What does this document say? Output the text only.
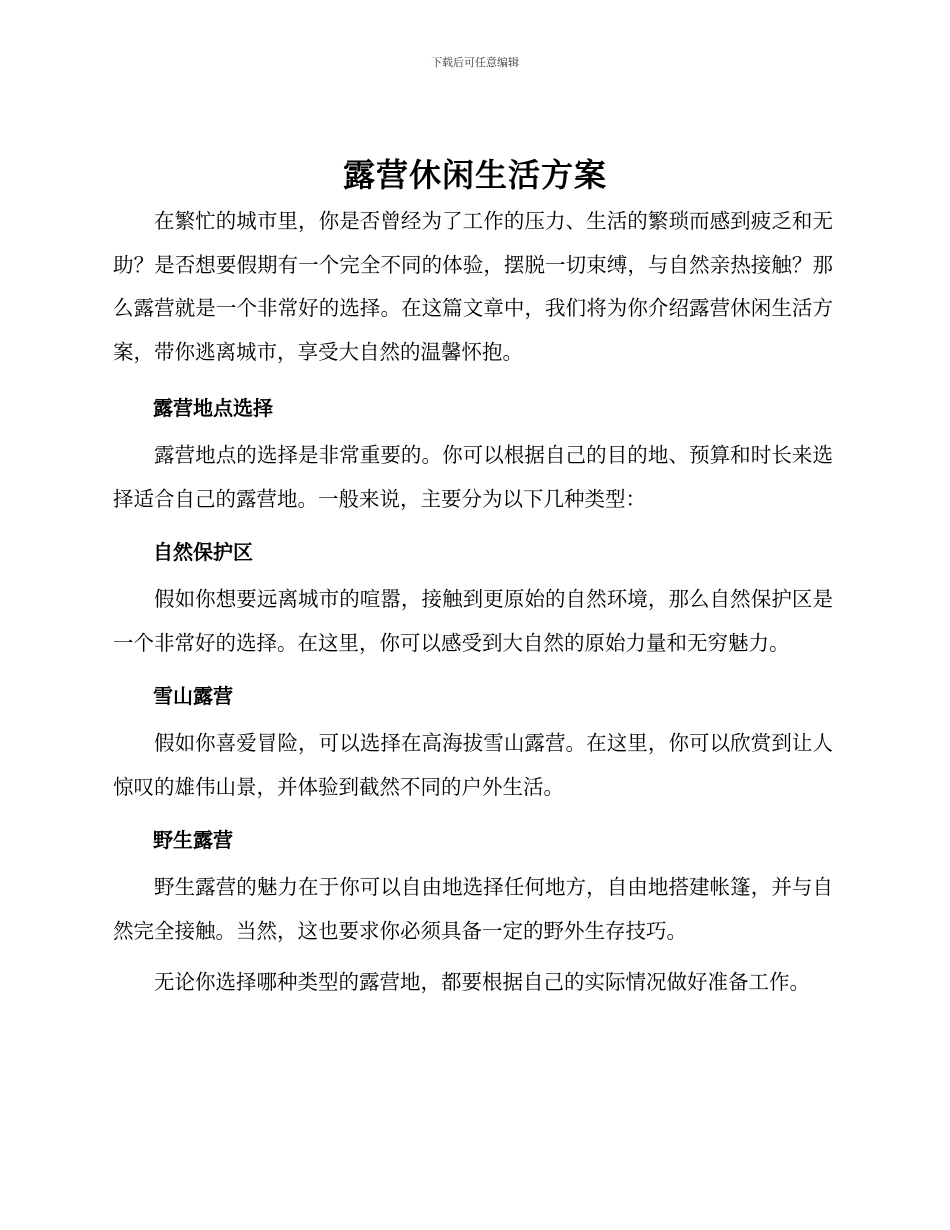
下载后可任意编辑
露营休闲生活方案

在繁忙的城市里，你是否曾经为了工作的压力、生活的繁琐而感到疲乏和无助？是否想要假期有一个完全不同的体验，摆脱一切束缚，与自然亲热接触？那么露营就是一个非常好的选择。在这篇文章中，我们将为你介绍露营休闲生活方案，带你逃离城市，享受大自然的温馨怀抱。

露营地点选择

露营地点的选择是非常重要的。你可以根据自己的目的地、预算和时长来选择适合自己的露营地。一般来说，主要分为以下几种类型：

自然保护区

假如你想要远离城市的喧嚣，接触到更原始的自然环境，那么自然保护区是一个非常好的选择。在这里，你可以感受到大自然的原始力量和无穷魅力。

雪山露营

假如你喜爱冒险，可以选择在高海拔雪山露营。在这里，你可以欣赏到让人惊叹的雄伟山景，并体验到截然不同的户外生活。

野生露营

野生露营的魅力在于你可以自由地选择任何地方，自由地搭建帐篷，并与自然完全接触。当然，这也要求你必须具备一定的野外生存技巧。

无论你选择哪种类型的露营地，都要根据自己的实际情况做好准备工作。
